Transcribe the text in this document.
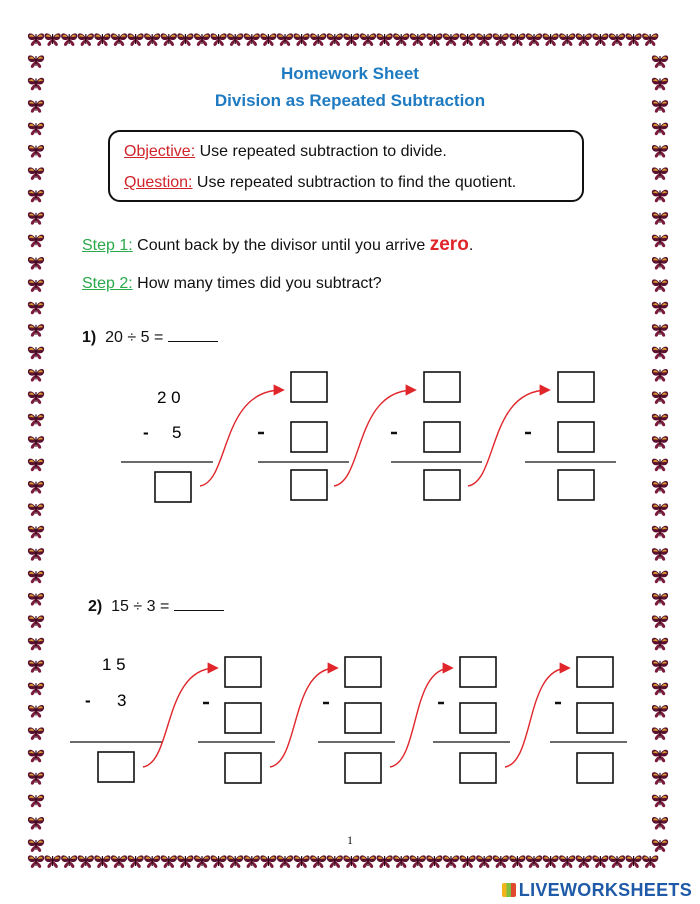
Homework Sheet
Division as Repeated Subtraction
Objective: Use repeated subtraction to divide.
Question: Use repeated subtraction to find the quotient.
Step 1: Count back by the divisor until you arrive zero.
Step 2: How many times did you subtract?
1) 20 ÷ 5 =
2) 15 ÷ 3 =
2 0
- 5
1 5
- 3
1
LIVEWORKSHEETS
